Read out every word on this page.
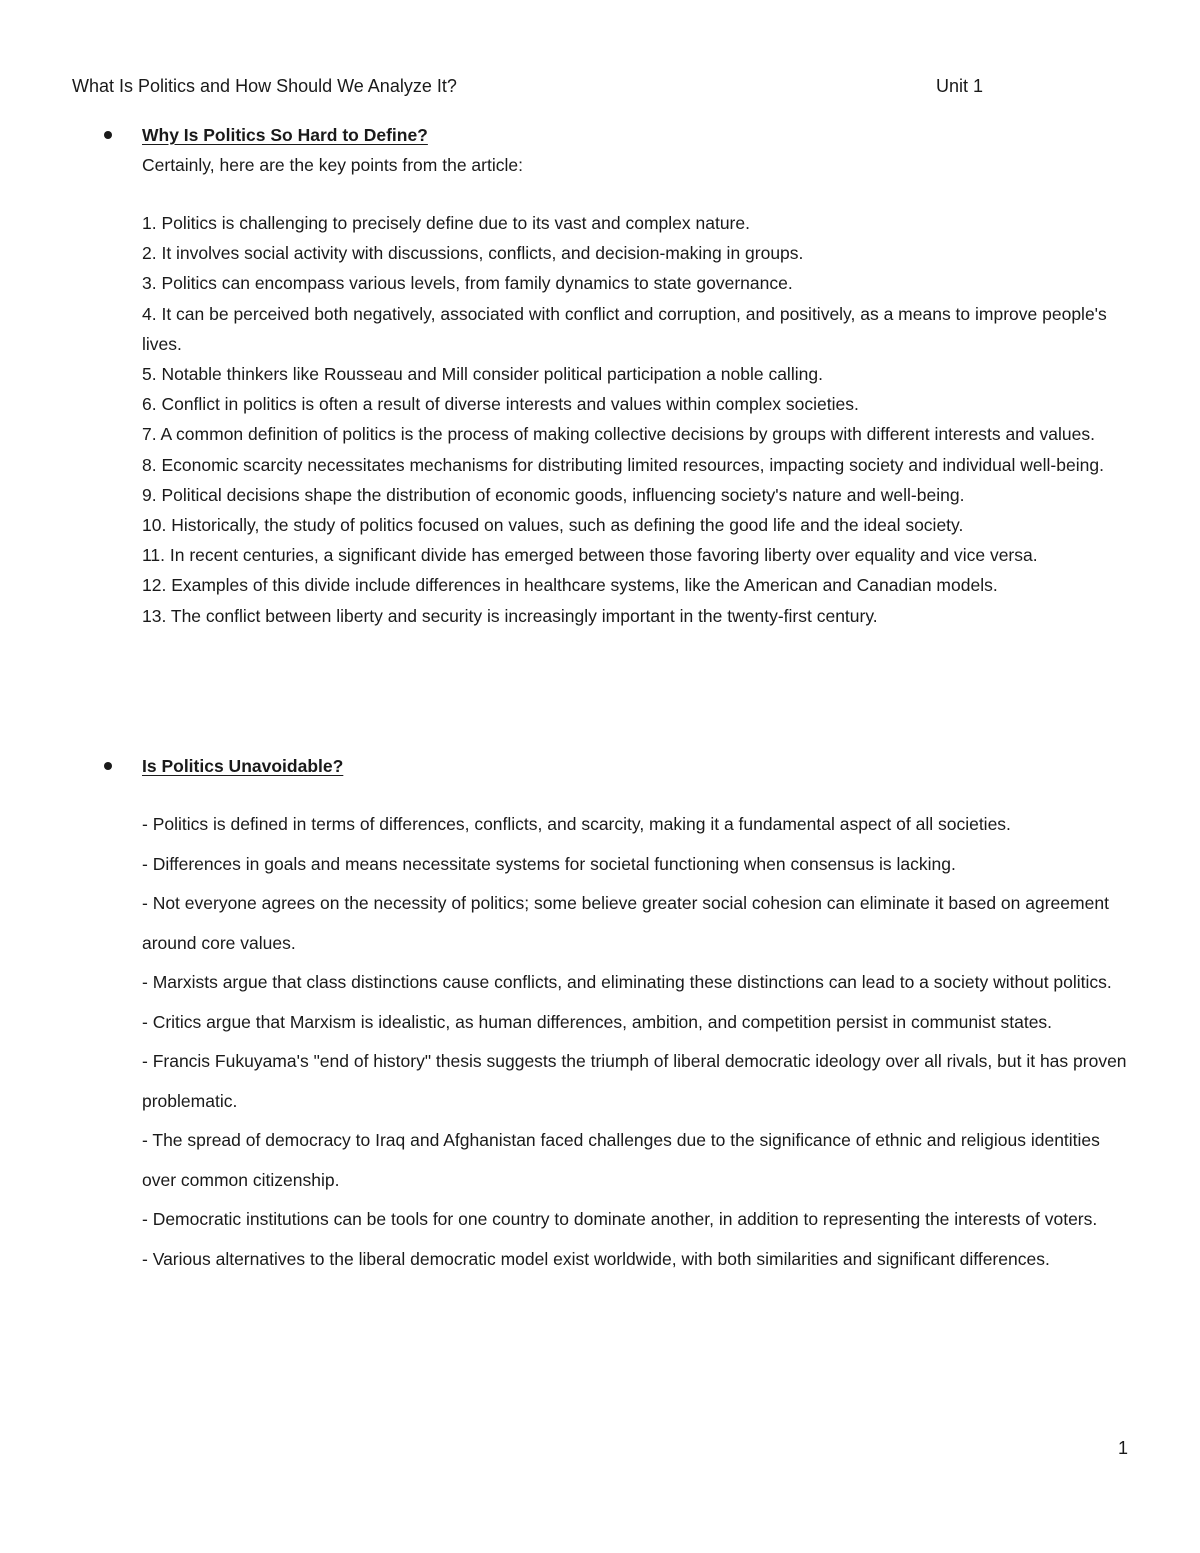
What Is Politics and How Should We Analyze It?	Unit 1
Why Is Politics So Hard to Define?
Certainly, here are the key points from the article:
1. Politics is challenging to precisely define due to its vast and complex nature.
2. It involves social activity with discussions, conflicts, and decision-making in groups.
3. Politics can encompass various levels, from family dynamics to state governance.
4. It can be perceived both negatively, associated with conflict and corruption, and positively, as a means to improve people's lives.
5. Notable thinkers like Rousseau and Mill consider political participation a noble calling.
6. Conflict in politics is often a result of diverse interests and values within complex societies.
7. A common definition of politics is the process of making collective decisions by groups with different interests and values.
8. Economic scarcity necessitates mechanisms for distributing limited resources, impacting society and individual well-being.
9. Political decisions shape the distribution of economic goods, influencing society's nature and well-being.
10. Historically, the study of politics focused on values, such as defining the good life and the ideal society.
11. In recent centuries, a significant divide has emerged between those favoring liberty over equality and vice versa.
12. Examples of this divide include differences in healthcare systems, like the American and Canadian models.
13. The conflict between liberty and security is increasingly important in the twenty-first century.
Is Politics Unavoidable?
- Politics is defined in terms of differences, conflicts, and scarcity, making it a fundamental aspect of all societies.
- Differences in goals and means necessitate systems for societal functioning when consensus is lacking.
- Not everyone agrees on the necessity of politics; some believe greater social cohesion can eliminate it based on agreement around core values.
- Marxists argue that class distinctions cause conflicts, and eliminating these distinctions can lead to a society without politics.
- Critics argue that Marxism is idealistic, as human differences, ambition, and competition persist in communist states.
- Francis Fukuyama's "end of history" thesis suggests the triumph of liberal democratic ideology over all rivals, but it has proven problematic.
- The spread of democracy to Iraq and Afghanistan faced challenges due to the significance of ethnic and religious identities over common citizenship.
- Democratic institutions can be tools for one country to dominate another, in addition to representing the interests of voters.
- Various alternatives to the liberal democratic model exist worldwide, with both similarities and significant differences.
1
